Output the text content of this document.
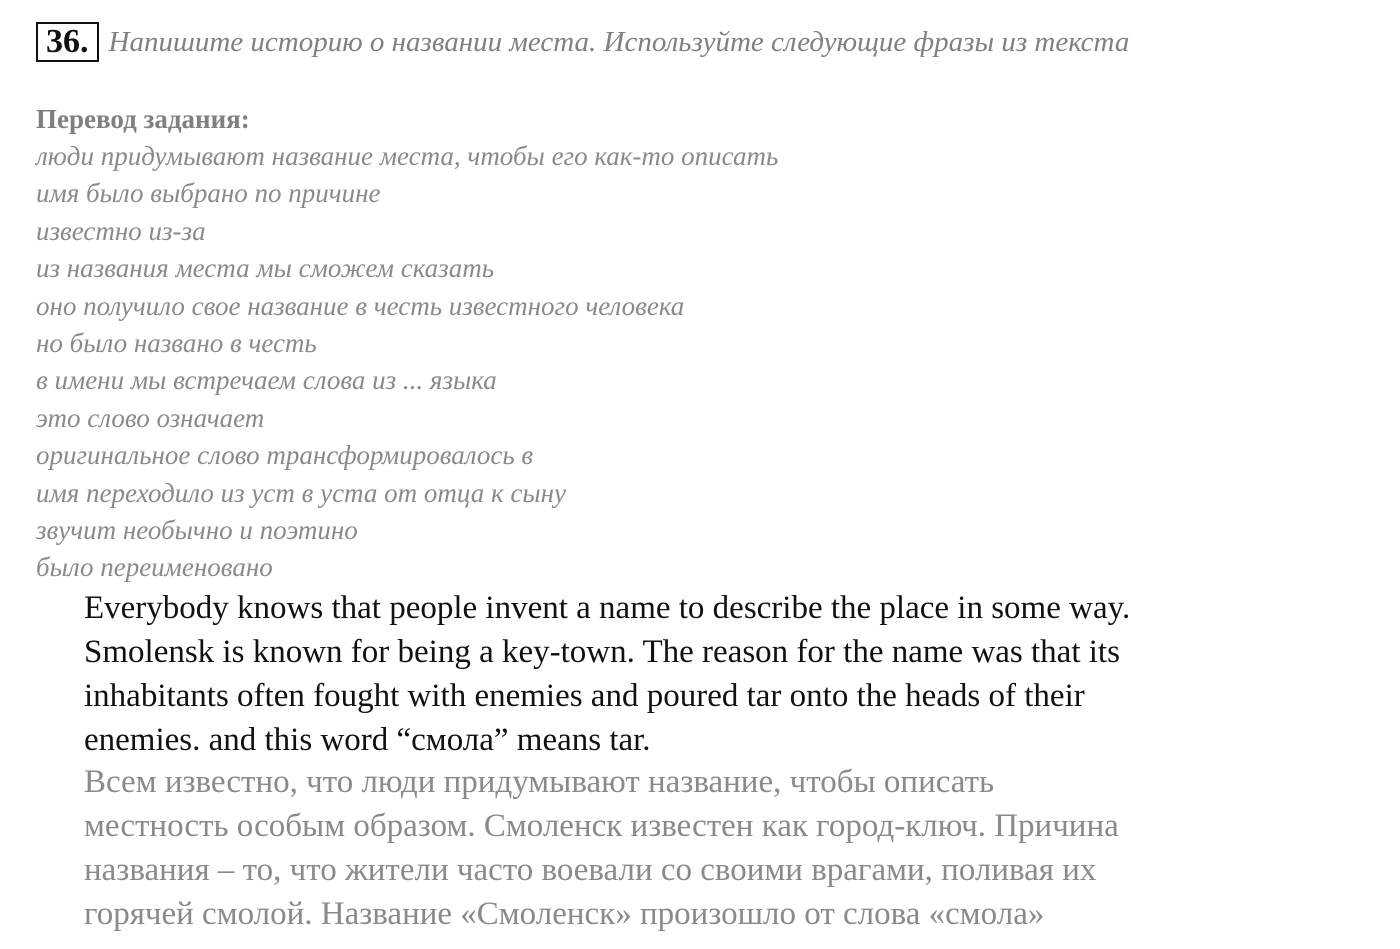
36. Напишите историю о названии места. Используйте следующие фразы из текста
Перевод задания:
люди придумывают название места, чтобы его как-то описать
имя было выбрано по причине
известно из-за
из названия места мы сможем сказать
оно получило свое название в честь известного человека
но было названо в честь
в имени мы встречаем слова из ... языка
это слово означает
оригинальное слово трансформировалось в
имя переходило из уст в уста от отца к сыну
звучит необычно и поэтино
было переименовано

Everybody knows that people invent a name to describe the place in some way.

Smolensk is known for being a key-town. The reason for the name was that its

inhabitants often fought with enemies and poured tar onto the heads of their

enemies. and this word “смола” means tar.

Всем известно, что люди придумывают название, чтобы описать

местность особым образом. Смоленск известен как город-ключ. Причина

названия – то, что жители часто воевали со своими врагами, поливая их

горячей смолой. Название «Смоленск» произошло от слова «смола»
